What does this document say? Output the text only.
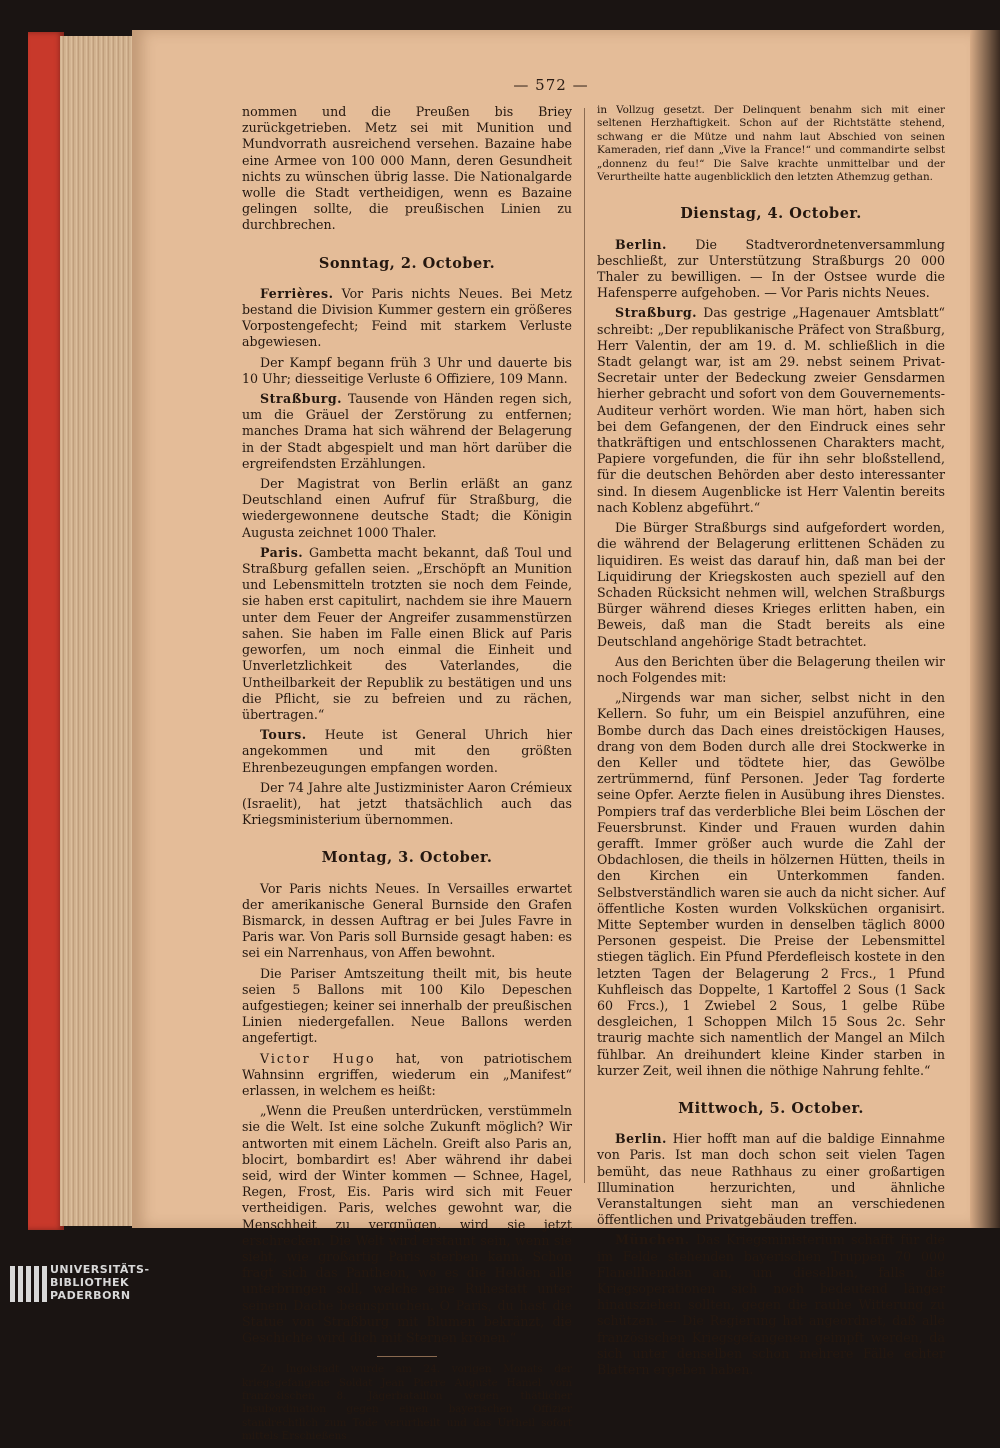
— 572 —

nommen und die Preußen bis Briey zurückgetrieben. Metz sei mit Munition und Mundvorrath ausreichend versehen. Bazaine habe eine Armee von 100 000 Mann, deren Gesundheit nichts zu wünschen übrig lasse. Die Nationalgarde wolle die Stadt vertheidigen, wenn es Bazaine gelingen sollte, die preußischen Linien zu durchbrechen.

Sonntag, 2. October.

Ferrières. Vor Paris nichts Neues. Bei Metz bestand die Division Kummer gestern ein größeres Vorpostengefecht; Feind mit starkem Verluste abgewiesen.

Der Kampf begann früh 3 Uhr und dauerte bis 10 Uhr; diesseitige Verluste 6 Offiziere, 109 Mann.

Straßburg. Tausende von Händen regen sich, um die Gräuel der Zerstörung zu entfernen; manches Drama hat sich während der Belagerung in der Stadt abgespielt und man hört darüber die ergreifendsten Erzählungen.

Der Magistrat von Berlin erläßt an ganz Deutschland einen Aufruf für Straßburg, die wiedergewonnene deutsche Stadt; die Königin Augusta zeichnet 1000 Thaler.

Paris. Gambetta macht bekannt, daß Toul und Straßburg gefallen seien. „Erschöpft an Munition und Lebensmitteln trotzten sie noch dem Feinde, sie haben erst capitulirt, nachdem sie ihre Mauern unter dem Feuer der Angreifer zusammenstürzen sahen. Sie haben im Falle einen Blick auf Paris geworfen, um noch einmal die Einheit und Unverletzlichkeit des Vaterlandes, die Untheilbarkeit der Republik zu bestätigen und uns die Pflicht, sie zu befreien und zu rächen, übertragen.“

Tours. Heute ist General Uhrich hier angekommen und mit den größten Ehrenbezeugungen empfangen worden.

Der 74 Jahre alte Justizminister Aaron Crémieux (Israelit), hat jetzt thatsächlich auch das Kriegsministerium übernommen.

Montag, 3. October.

Vor Paris nichts Neues. In Versailles erwartet der amerikanische General Burnside den Grafen Bismarck, in dessen Auftrag er bei Jules Favre in Paris war. Von Paris soll Burnside gesagt haben: es sei ein Narrenhaus, von Affen bewohnt.

Die Pariser Amtszeitung theilt mit, bis heute seien 5 Ballons mit 100 Kilo Depeschen aufgestiegen; keiner sei innerhalb der preußischen Linien niedergefallen. Neue Ballons werden angefertigt.

Victor Hugo hat, von patriotischem Wahnsinn ergriffen, wiederum ein „Manifest“ erlassen, in welchem es heißt:

„Wenn die Preußen unterdrücken, verstümmeln sie die Welt. Ist eine solche Zukunft möglich? Wir antworten mit einem Lächeln. Greift also Paris an, blocirt, bombardirt es! Aber während ihr dabei seid, wird der Winter kommen — Schnee, Hagel, Regen, Frost, Eis. Paris wird sich mit Feuer vertheidigen. Paris, welches gewohnt war, die Menschheit zu vergnügen, wird sie jetzt erschrecken. Die Welt wird erstaunt sein, wenn sie sieht, wie großartig Paris sterben kann. Schon fragt sich das Pantheon, wo es die Helden alle unterbringen soll, welche eine Ruhestatt unter seinem Dache beanspruchen. O Paris, du hast die Statue von Straßburg mit Blumen bekränzt, die Geschichte wird dich mit Sternen krönen.“

Zu Ingolstadt wurde am 24. vorigen Monats der kriegsgefangene Soldat Jean Pierre Auguste Hamel vom französischen 8. Jägerbataillon wegen thätlicher Insubordination gegen einen bayerischen Offizier standrechtlich zum Tode verurtheilt und das Urtheil sofort mittels Erschießens

in Vollzug gesetzt. Der Delinquent benahm sich mit einer seltenen Herzhaftigkeit. Schon auf der Richtstätte stehend, schwang er die Mütze und nahm laut Abschied von seinen Kameraden, rief dann „Vive la France!“ und commandirte selbst „donnenz du feu!“ Die Salve krachte unmittelbar und der Verurtheilte hatte augenblicklich den letzten Athemzug gethan.

Dienstag, 4. October.

Berlin. Die Stadtverordnetenversammlung beschließt, zur Unterstützung Straßburgs 20 000 Thaler zu bewilligen. — In der Ostsee wurde die Hafensperre aufgehoben. — Vor Paris nichts Neues.

Straßburg. Das gestrige „Hagenauer Amtsblatt“ schreibt: „Der republikanische Präfect von Straßburg, Herr Valentin, der am 19. d. M. schließlich in die Stadt gelangt war, ist am 29. nebst seinem Privat-Secretair unter der Bedeckung zweier Gensdarmen hierher gebracht und sofort von dem Gouvernements-Auditeur verhört worden. Wie man hört, haben sich bei dem Gefangenen, der den Eindruck eines sehr thatkräftigen und entschlossenen Charakters macht, Papiere vorgefunden, die für ihn sehr bloßstellend, für die deutschen Behörden aber desto interessanter sind. In diesem Augenblicke ist Herr Valentin bereits nach Koblenz abgeführt.“

Die Bürger Straßburgs sind aufgefordert worden, die während der Belagerung erlittenen Schäden zu liquidiren. Es weist das darauf hin, daß man bei der Liquidirung der Kriegskosten auch speziell auf den Schaden Rücksicht nehmen will, welchen Straßburgs Bürger während dieses Krieges erlitten haben, ein Beweis, daß man die Stadt bereits als eine Deutschland angehörige Stadt betrachtet.

Aus den Berichten über die Belagerung theilen wir noch Folgendes mit:

„Nirgends war man sicher, selbst nicht in den Kellern. So fuhr, um ein Beispiel anzuführen, eine Bombe durch das Dach eines dreistöckigen Hauses, drang von dem Boden durch alle drei Stockwerke in den Keller und tödtete hier, das Gewölbe zertrümmernd, fünf Personen. Jeder Tag forderte seine Opfer. Aerzte fielen in Ausübung ihres Dienstes. Pompiers traf das verderbliche Blei beim Löschen der Feuersbrunst. Kinder und Frauen wurden dahin gerafft. Immer größer auch wurde die Zahl der Obdachlosen, die theils in hölzernen Hütten, theils in den Kirchen ein Unterkommen fanden. Selbstverständlich waren sie auch da nicht sicher. Auf öffentliche Kosten wurden Volksküchen organisirt. Mitte September wurden in denselben täglich 8000 Personen gespeist. Die Preise der Lebensmittel stiegen täglich. Ein Pfund Pferdefleisch kostete in den letzten Tagen der Belagerung 2 Frcs., 1 Pfund Kuhfleisch das Doppelte, 1 Kartoffel 2 Sous (1 Sack 60 Frcs.), 1 Zwiebel 2 Sous, 1 gelbe Rübe desgleichen, 1 Schoppen Milch 15 Sous 2c. Sehr traurig machte sich namentlich der Mangel an Milch fühlbar. An dreihundert kleine Kinder starben in kurzer Zeit, weil ihnen die nöthige Nahrung fehlte.“

Mittwoch, 5. October.

Berlin. Hier hofft man auf die baldige Einnahme von Paris. Ist man doch schon seit vielen Tagen bemüht, das neue Rathhaus zu einer großartigen Illumination herzurichten, und ähnliche Veranstaltungen sieht man an verschiedenen öffentlichen und Privatgebäuden treffen.

München. Das Kriegsministerium schafft für die im Felde stehenden bayerischen Truppen 70 000 Flanellhemden an, um dieselben, falls die Kriegsoperationen sich noch bedeutend länger hinausziehen sollten, gegen die rauhe Witterung zu schützen. — Die Regierung hat angeordnet, daß alle französischen Kriegsgefangenen geimpft werden, da sich unter denselben schon mehrere Fälle echter Blattern ergeben haben.

UNIVERSITÄTS-
BIBLIOTHEK
PADERBORN
